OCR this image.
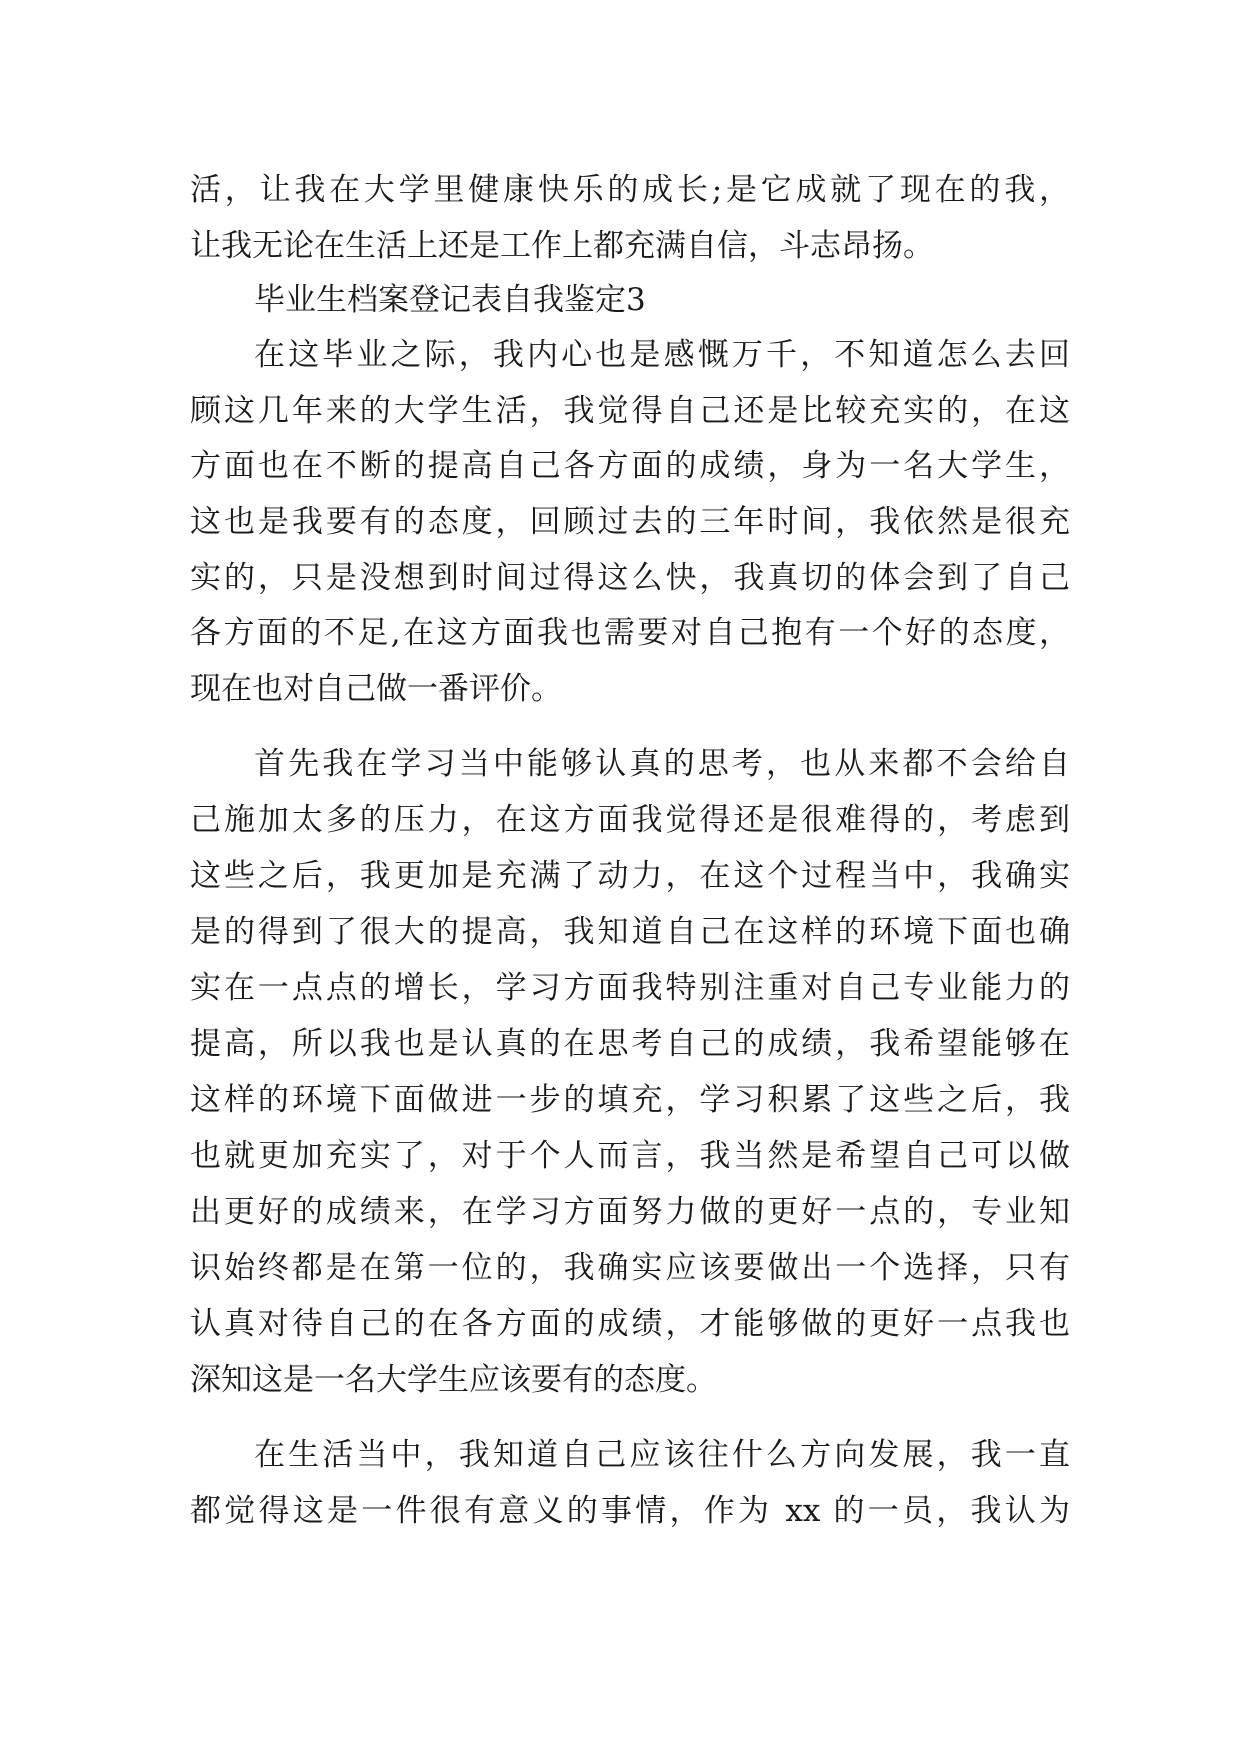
活，让我在大学里健康快乐的成长;是它成就了现在的我，
让我无论在生活上还是工作上都充满自信，斗志昂扬。
毕业生档案登记表自我鉴定3
在这毕业之际，我内心也是感慨万千，不知道怎么去回
顾这几年来的大学生活，我觉得自己还是比较充实的，在这
方面也在不断的提高自己各方面的成绩，身为一名大学生，
这也是我要有的态度，回顾过去的三年时间，我依然是很充
实的，只是没想到时间过得这么快，我真切的体会到了自己
各方面的不足,在这方面我也需要对自己抱有一个好的态度，
现在也对自己做一番评价。
首先我在学习当中能够认真的思考，也从来都不会给自
己施加太多的压力，在这方面我觉得还是很难得的，考虑到
这些之后，我更加是充满了动力，在这个过程当中，我确实
是的得到了很大的提高，我知道自己在这样的环境下面也确
实在一点点的增长，学习方面我特别注重对自己专业能力的
提高，所以我也是认真的在思考自己的成绩，我希望能够在
这样的环境下面做进一步的填充，学习积累了这些之后，我
也就更加充实了，对于个人而言，我当然是希望自己可以做
出更好的成绩来，在学习方面努力做的更好一点的，专业知
识始终都是在第一位的，我确实应该要做出一个选择，只有
认真对待自己的在各方面的成绩，才能够做的更好一点我也
深知这是一名大学生应该要有的态度。
在生活当中，我知道自己应该往什么方向发展，我一直
都觉得这是一件很有意义的事情，作为 xx 的一员，我认为
